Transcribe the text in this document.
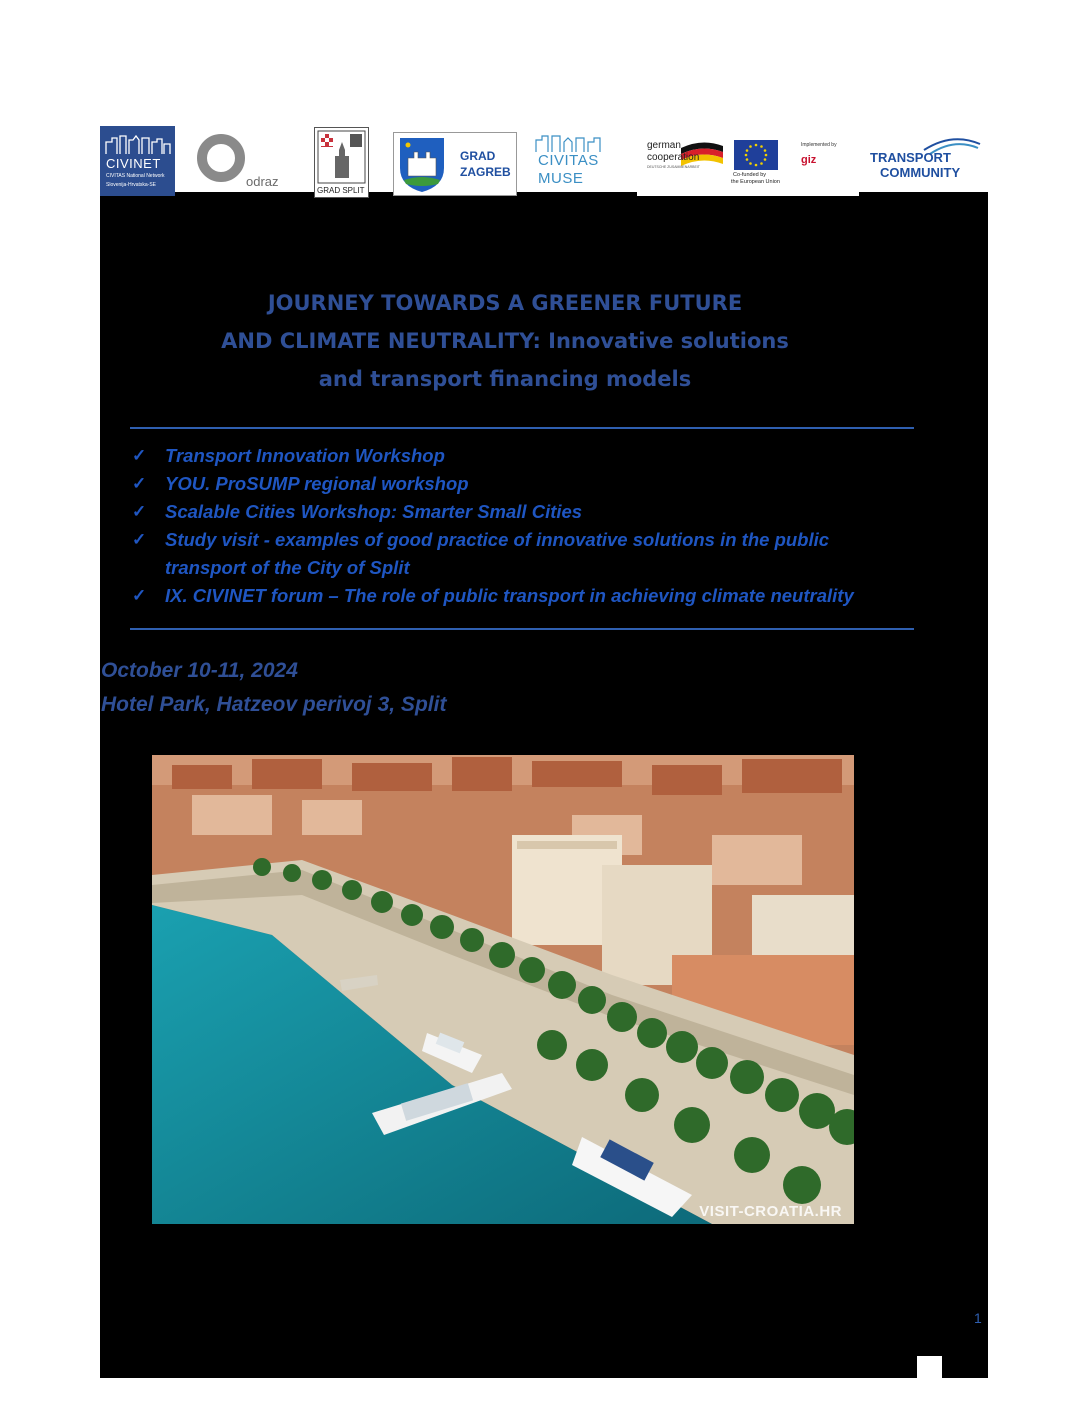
CIVINET
CIVITAS National Network
Slovenija-Hrvatska-SE	odraz
GRAD SPLIT
GRAD
ZAGREB
CIVITAS
MUSE
german
cooperation
DEUTSCHE ZUSAMMENARBEIT
Co-funded by
the European Union
Implemented by
giz	TRANSPORT
COMMUNITY
JOURNEY TOWARDS A GREENER FUTURE
AND CLIMATE NEUTRALITY: Innovative solutions
and transport financing models
✓ Transport Innovation Workshop
✓ YOU. ProSUMP regional workshop
✓ Scalable Cities Workshop: Smarter Small Cities
✓ Study visit - examples of good practice of innovative solutions in the public transport of the City of Split
✓ IX. CIVINET forum – The role of public transport in achieving climate neutrality
October 10-11, 2024
Hotel Park, Hatzeov perivoj 3, Split
VISIT-CROATIA.HR
1
